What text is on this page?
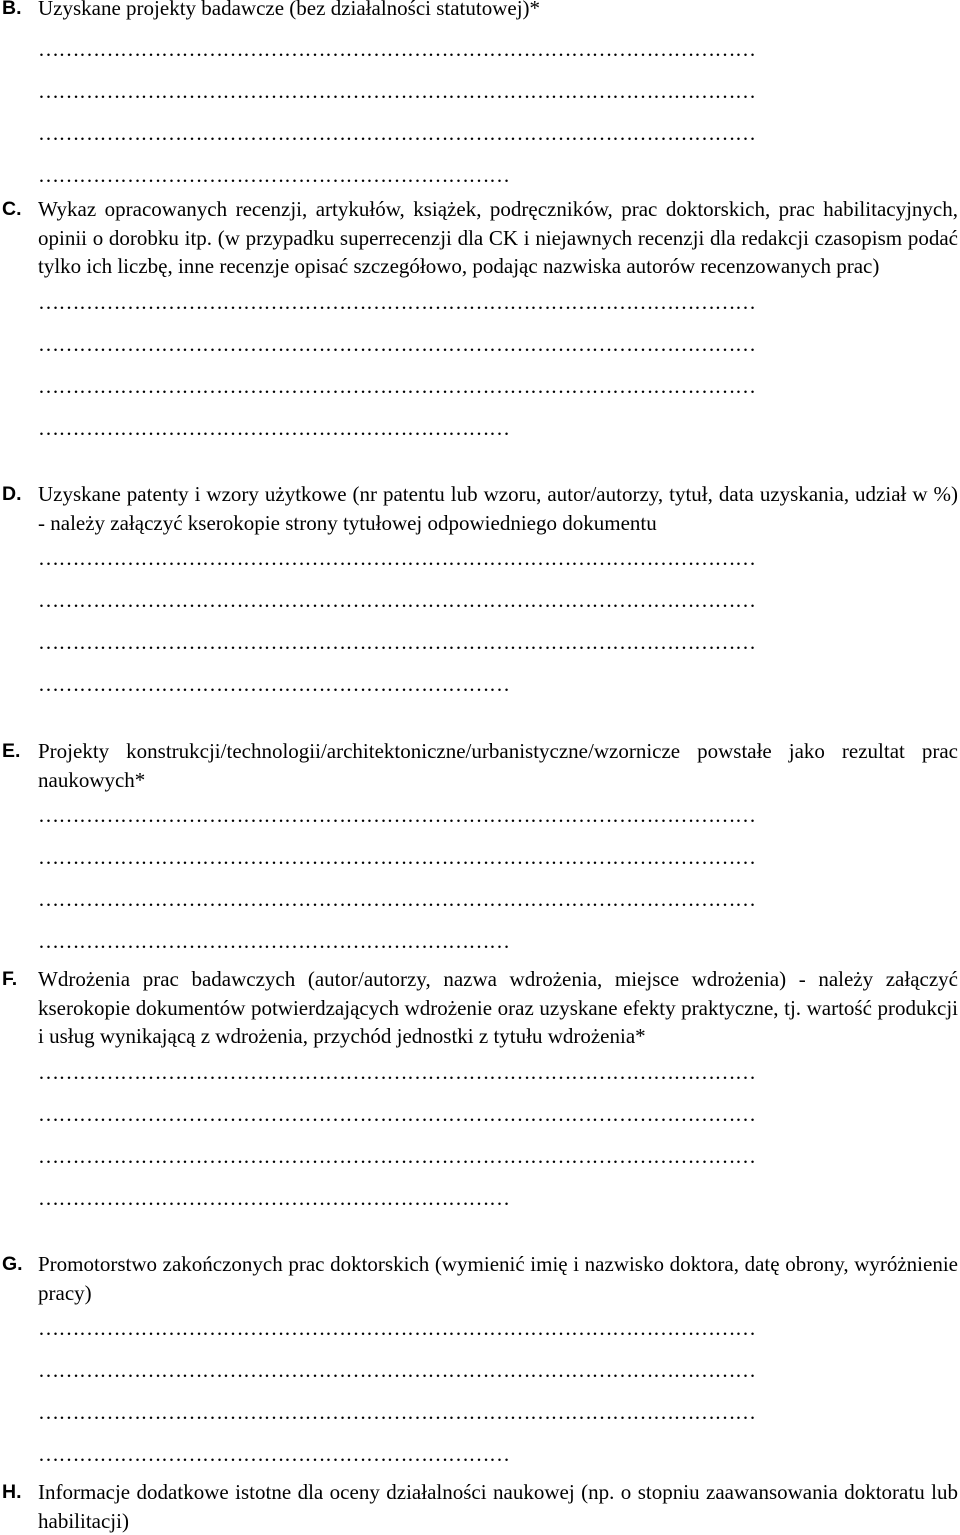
B. Uzyskane projekty badawcze (bez działalności statutowej)*
……………………………………………………………………………………………
……………………………………………………………………………………………
……………………………………………………………………………………………
……………………………………………………………
C. Wykaz opracowanych recenzji, artykułów, książek, podręczników, prac doktorskich, prac habilitacyjnych, opinii o dorobku itp. (w przypadku superrecenzji dla CK i niejawnych recenzji dla redakcji czasopism podać tylko ich liczbę, inne recenzje opisać szczegółowo, podając nazwiska autorów recenzowanych prac)
……………………………………………………………………………………………
……………………………………………………………………………………………
……………………………………………………………………………………………
……………………………………………………………
D. Uzyskane patenty i wzory użytkowe (nr patentu lub wzoru, autor/autorzy, tytuł, data uzyskania, udział w %) - należy załączyć kserokopie strony tytułowej odpowiedniego dokumentu
……………………………………………………………………………………………
……………………………………………………………………………………………
……………………………………………………………………………………………
……………………………………………………………
E. Projekty konstrukcji/technologii/architektoniczne/urbanistyczne/wzornicze powstałe jako rezultat prac naukowych*
……………………………………………………………………………………………
……………………………………………………………………………………………
……………………………………………………………………………………………
……………………………………………………………
F. Wdrożenia prac badawczych (autor/autorzy, nazwa wdrożenia, miejsce wdrożenia) - należy załączyć kserokopie dokumentów potwierdzających wdrożenie oraz uzyskane efekty praktyczne, tj. wartość produkcji i usług wynikającą z wdrożenia, przychód jednostki z tytułu wdrożenia*
……………………………………………………………………………………………
……………………………………………………………………………………………
……………………………………………………………………………………………
……………………………………………………………
G. Promotorstwo zakończonych prac doktorskich (wymienić imię i nazwisko doktora, datę obrony, wyróżnienie pracy)
……………………………………………………………………………………………
……………………………………………………………………………………………
……………………………………………………………………………………………
……………………………………………………………
H. Informacje dodatkowe istotne dla oceny działalności naukowej (np. o stopniu zaawansowania doktoratu lub habilitacji)
